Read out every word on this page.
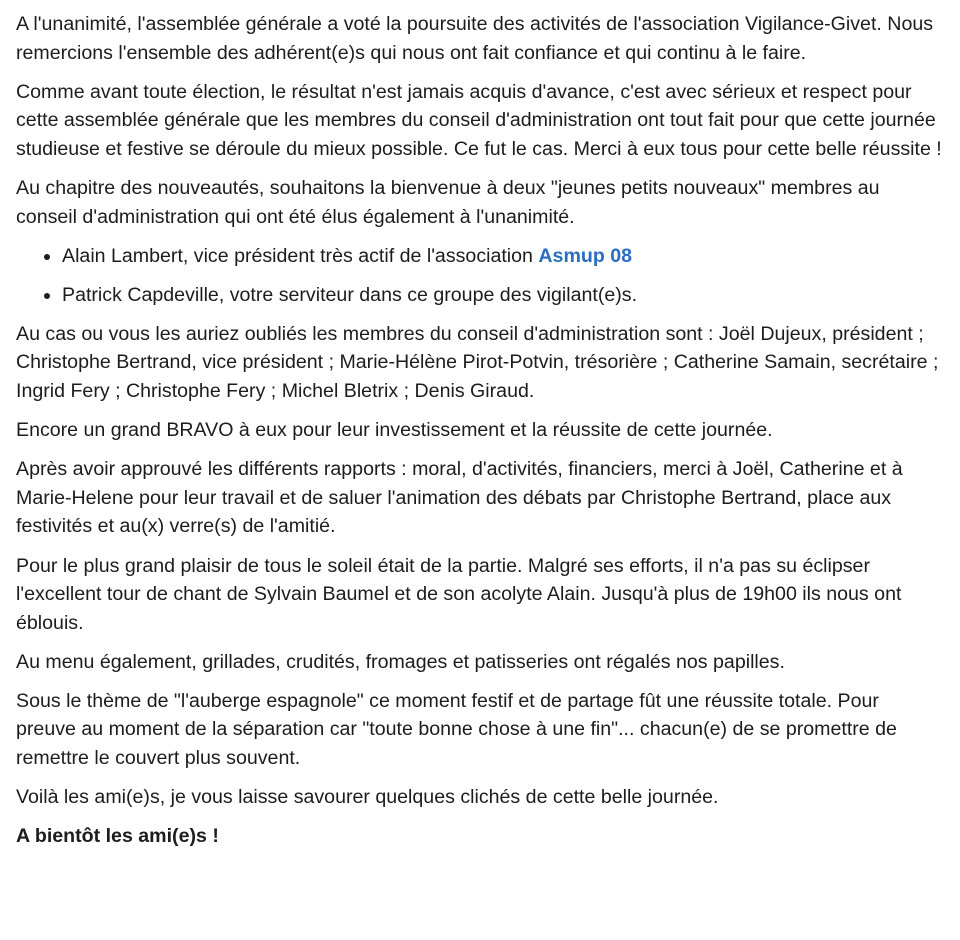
A l'unanimité, l'assemblée générale a voté la poursuite des activités de l'association Vigilance-Givet. Nous remercions l'ensemble des adhérent(e)s qui nous ont fait confiance et qui continu à le faire.

Comme avant toute élection, le résultat n'est jamais acquis d'avance, c'est avec sérieux et respect pour cette assemblée générale que les membres du conseil d'administration ont tout fait pour que cette journée studieuse et festive se déroule du mieux possible. Ce fut le cas. Merci à eux tous pour cette belle réussite !

Au chapitre des nouveautés, souhaitons la bienvenue à deux "jeunes petits nouveaux" membres au conseil d'administration qui ont été élus également à l'unanimité.

• Alain Lambert, vice président très actif de l'association Asmup 08
• Patrick Capdeville, votre serviteur dans ce groupe des vigilant(e)s.

Au cas ou vous les auriez oubliés les membres du conseil d'administration sont : Joël Dujeux, président ; Christophe Bertrand, vice président ; Marie-Hélène Pirot-Potvin, trésorière ; Catherine Samain, secrétaire ; Ingrid Fery ; Christophe Fery ; Michel Bletrix ; Denis Giraud.

Encore un grand BRAVO à eux pour leur investissement et la réussite de cette journée.

Après avoir approuvé les différents rapports : moral, d'activités, financiers, merci à Joël, Catherine et à Marie-Helene pour leur travail et de saluer l'animation des débats par Christophe Bertrand, place aux festivités et au(x) verre(s) de l'amitié.

Pour le plus grand plaisir de tous le soleil était de la partie. Malgré ses efforts, il n'a pas su éclipser l'excellent tour de chant de Sylvain Baumel et de son acolyte Alain. Jusqu'à plus de 19h00 ils nous ont éblouis.

Au menu également, grillades, crudités, fromages et patisseries ont régalés nos papilles.

Sous le thème de "l'auberge espagnole" ce moment festif et de partage fût une réussite totale. Pour preuve au moment de la séparation car "toute bonne chose à une fin"... chacun(e) de se promettre de remettre le couvert plus souvent.

Voilà les ami(e)s, je vous laisse savourer quelques clichés de cette belle journée.

A bientôt les ami(e)s !
